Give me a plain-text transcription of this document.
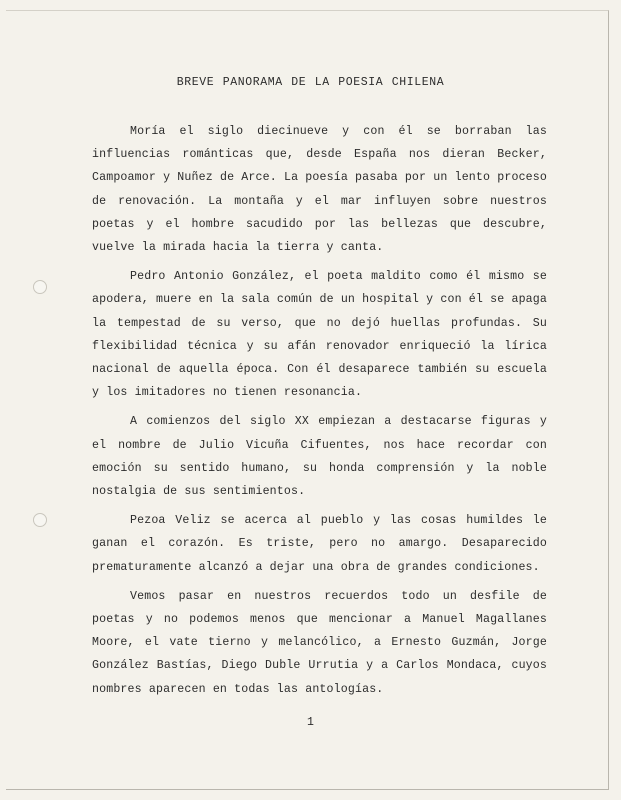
BREVE PANORAMA DE LA POESIA CHILENA

Moría el siglo diecinueve y con él se borraban las influencias románticas que, desde España nos dieran Becker, Campoamor y Nuñez de Arce. La poesía pasaba por un lento proceso de renovación. La montaña y el mar influyen sobre nuestros poetas y el hombre sacudido por las bellezas que descubre, vuelve la mirada hacia la tierra y canta.

Pedro Antonio González, el poeta maldito como él mismo se apodera, muere en la sala común de un hospital y con él se apaga la tempestad de su verso, que no dejó huellas profundas. Su flexibilidad técnica y su afán renovador enriqueció la lírica nacional de aquella época. Con él desaparece también su escuela y los imitadores no tienen resonancia.

A comienzos del siglo XX empiezan a destacarse figuras y el nombre de Julio Vicuña Cifuentes, nos hace recordar con emoción su sentido humano, su honda comprensión y la noble nostalgia de sus sentimientos.

Pezoa Veliz se acerca al pueblo y las cosas humildes le ganan el corazón. Es triste, pero no amargo. Desaparecido prematuramente alcanzó a dejar una obra de grandes condiciones.

Vemos pasar en nuestros recuerdos todo un desfile de poetas y no podemos menos que mencionar a Manuel Magallanes Moore, el vate tierno y melancólico, a Ernesto Guzmán, Jorge González Bastías, Diego Duble Urrutia y a Carlos Mondaca, cuyos nombres aparecen en todas las antologías.

1
